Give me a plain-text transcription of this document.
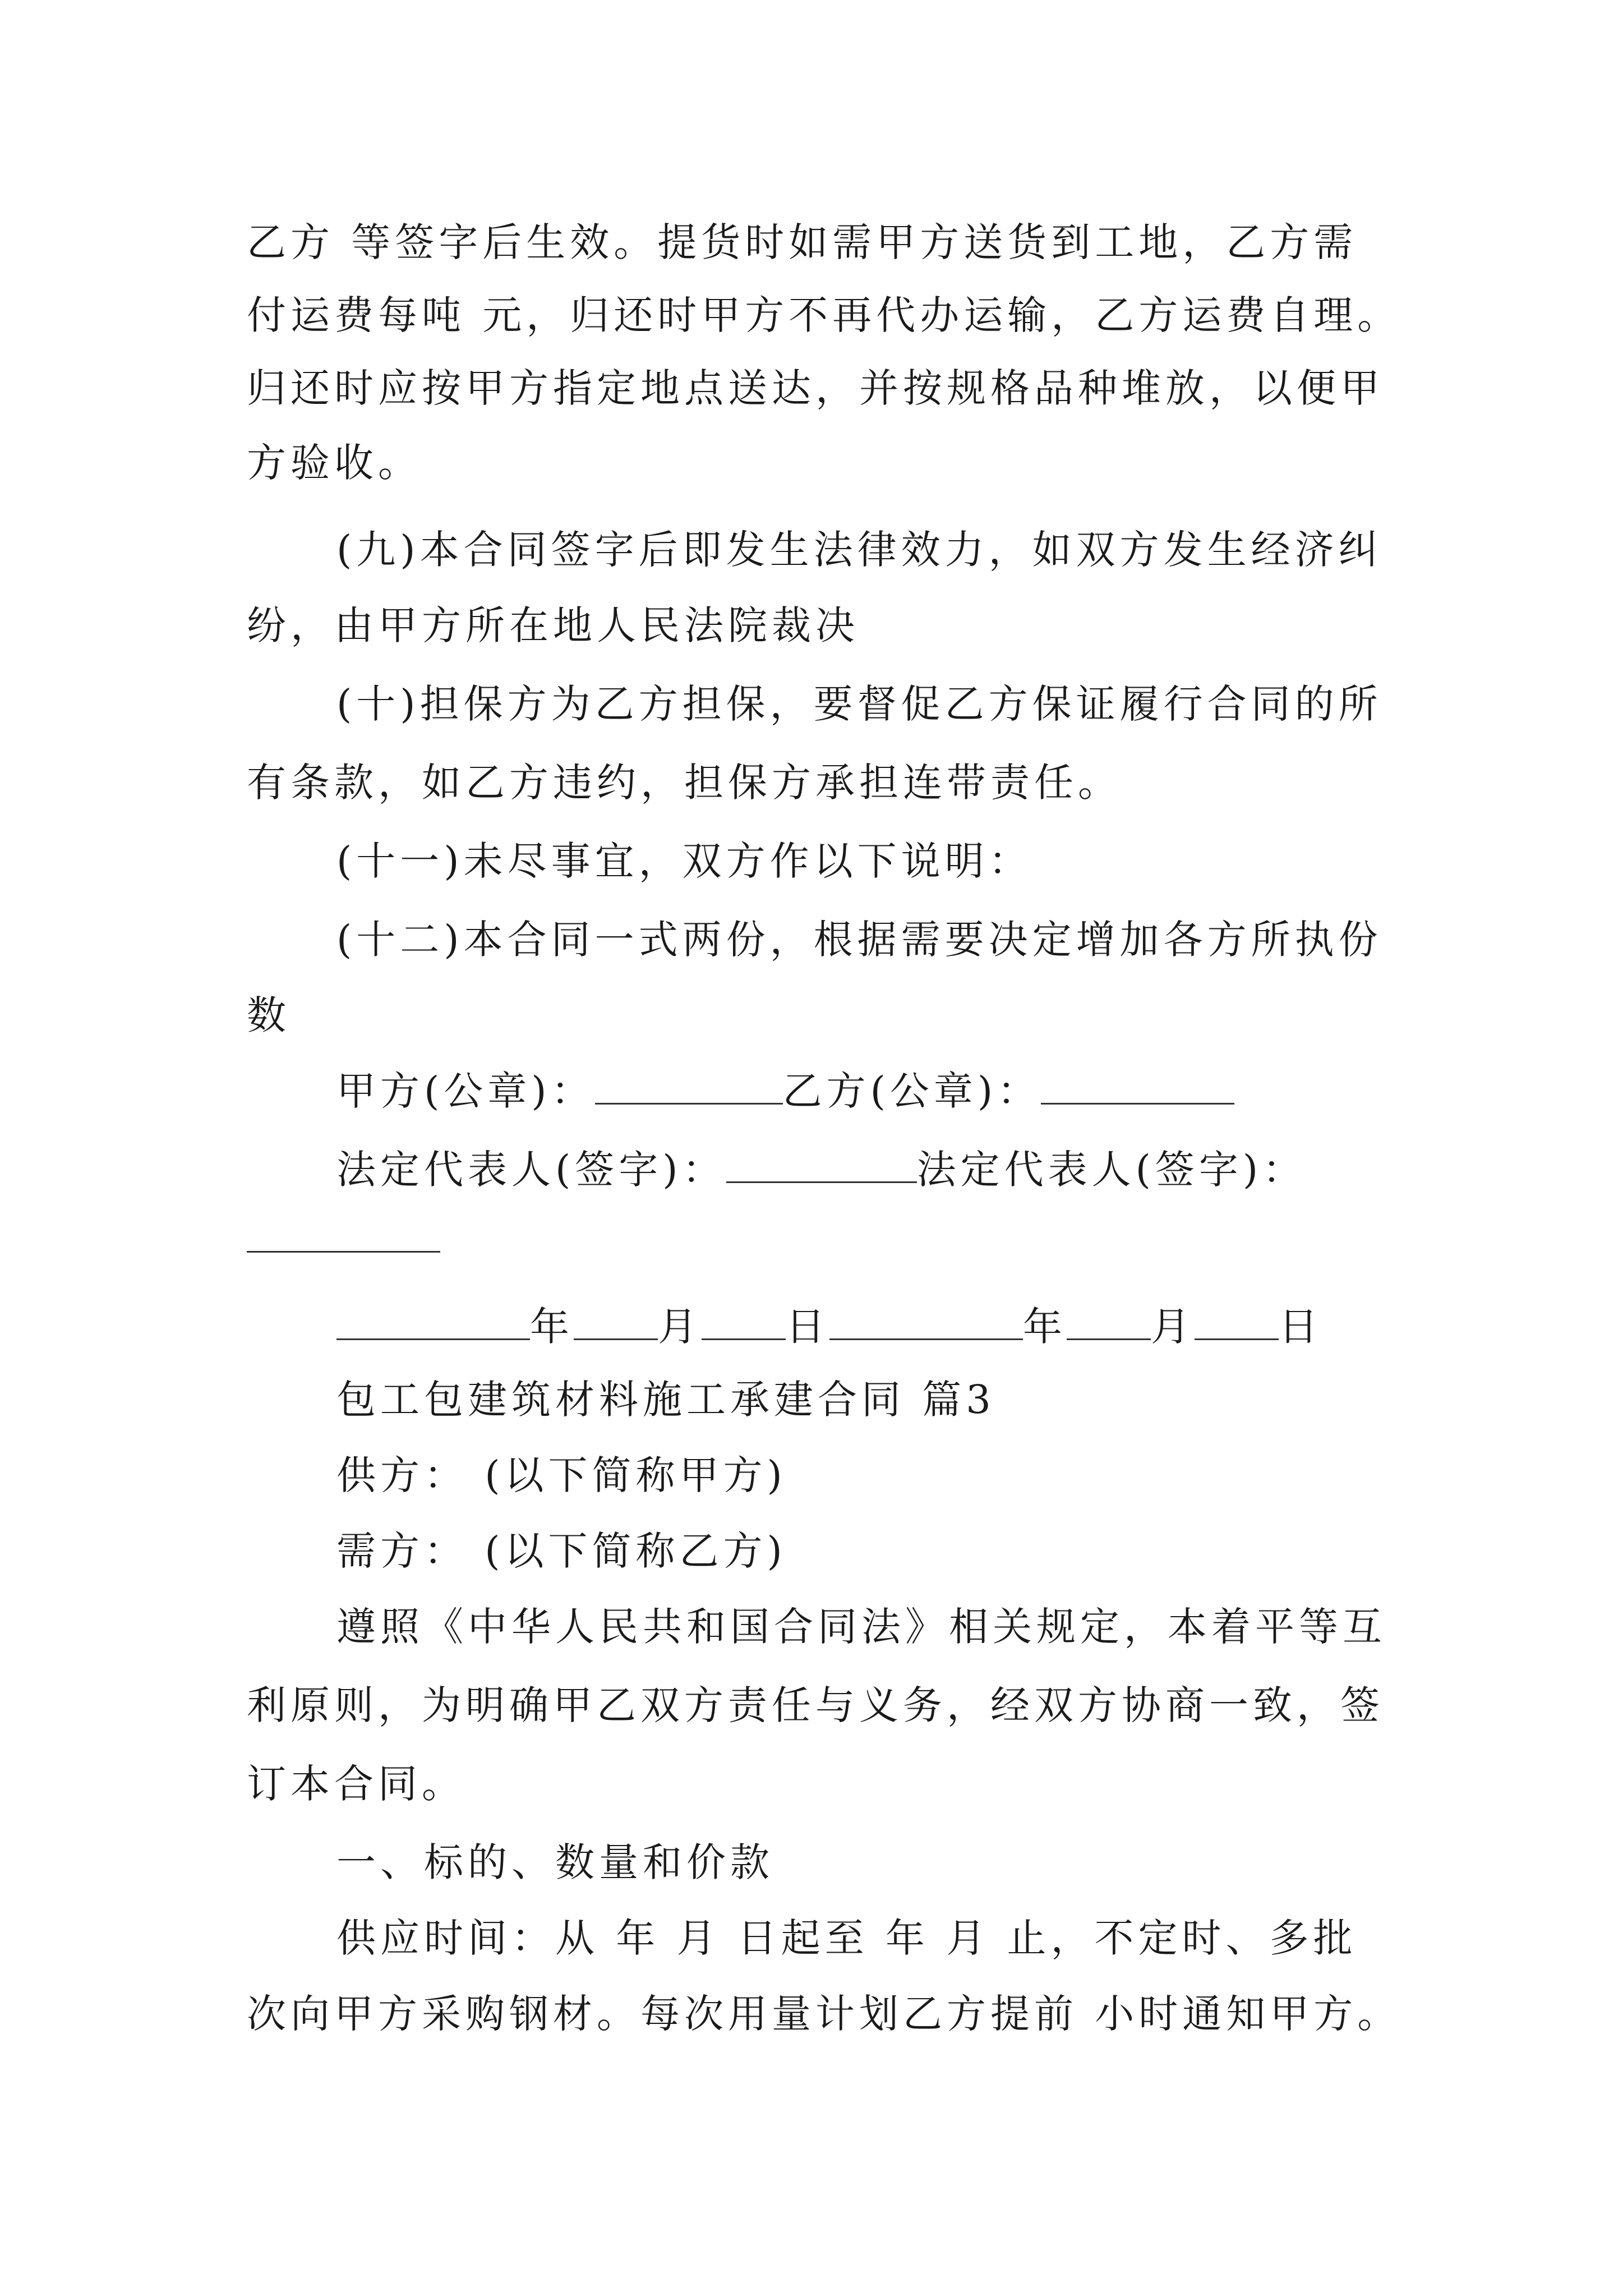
乙方 等签字后生效。提货时如需甲方送货到工地，乙方需
付运费每吨 元，归还时甲方不再代办运输，乙方运费自理。
归还时应按甲方指定地点送达，并按规格品种堆放，以便甲
方验收。
(九)本合同签字后即发生法律效力，如双方发生经济纠
纷，由甲方所在地人民法院裁决
(十)担保方为乙方担保，要督促乙方保证履行合同的所
有条款，如乙方违约，担保方承担连带责任。
(十一)未尽事宜，双方作以下说明：
(十二)本合同一式两份，根据需要决定增加各方所执份
数
甲方(公章)：	乙方(公章)：
法定代表人(签字)：	法定代表人(签字)：
年 月 日	年 月 日
包工包建筑材料施工承建合同 篇3
供方： (以下简称甲方)
需方： (以下简称乙方)
遵照《中华人民共和国合同法》相关规定，本着平等互
利原则，为明确甲乙双方责任与义务，经双方协商一致，签
订本合同。
一、标的、数量和价款
供应时间：从 年 月 日起至 年 月 止，不定时、多批
次向甲方采购钢材。每次用量计划乙方提前 小时通知甲方。
